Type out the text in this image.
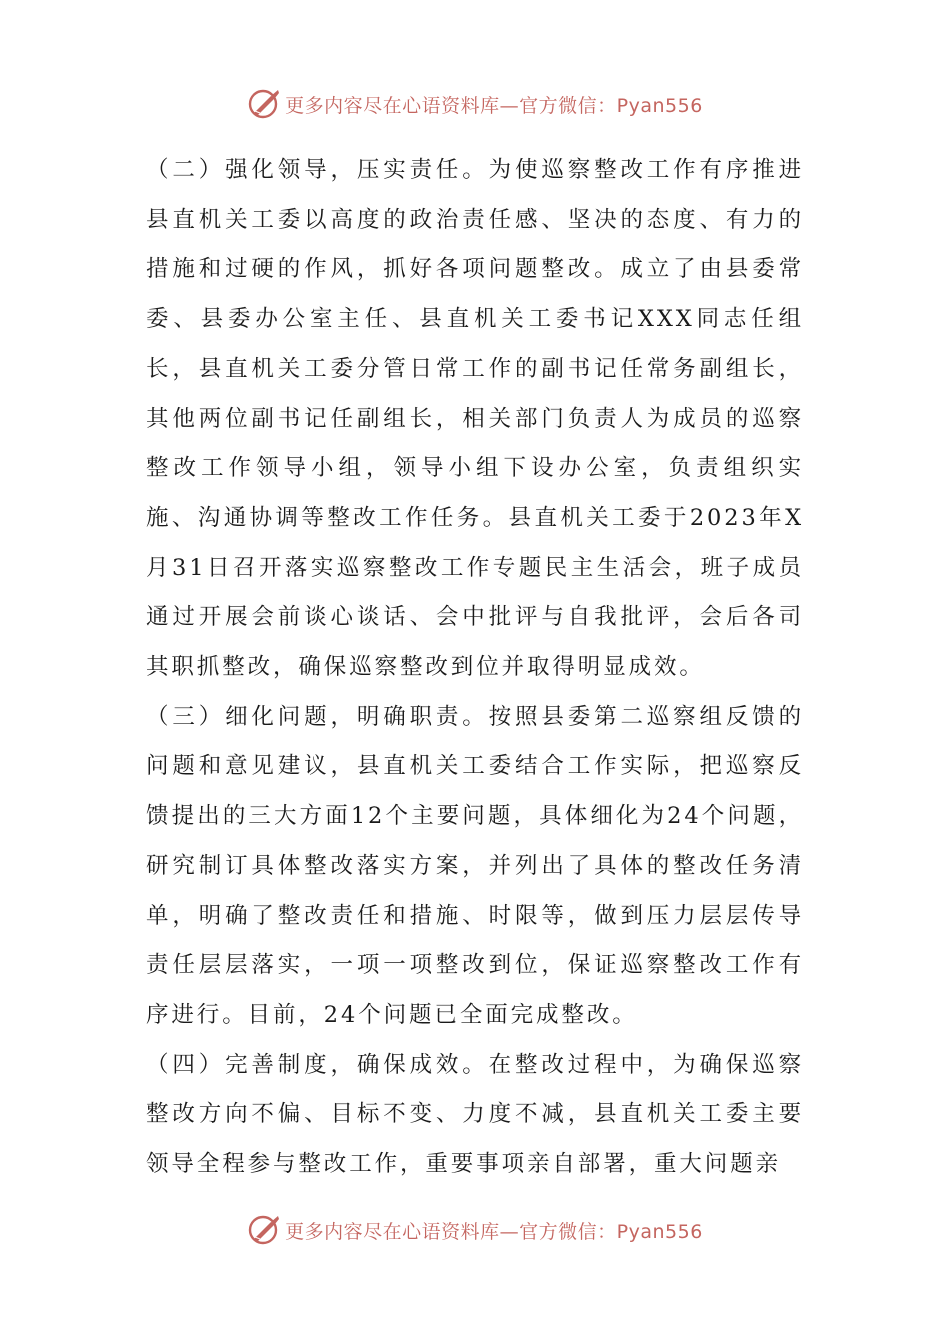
更多内容尽在心语资料库—官方微信：Pyan556

（二）强化领导，压实责任。为使巡察整改工作有序推进县直机关工委以高度的政治责任感、坚决的态度、有力的措施和过硬的作风，抓好各项问题整改。成立了由县委常委、县委办公室主任、县直机关工委书记XXX同志任组长，县直机关工委分管日常工作的副书记任常务副组长，其他两位副书记任副组长，相关部门负责人为成员的巡察整改工作领导小组，领导小组下设办公室，负责组织实施、沟通协调等整改工作任务。县直机关工委于2023年X月31日召开落实巡察整改工作专题民主生活会，班子成员通过开展会前谈心谈话、会中批评与自我批评，会后各司其职抓整改，确保巡察整改到位并取得明显成效。

（三）细化问题，明确职责。按照县委第二巡察组反馈的问题和意见建议，县直机关工委结合工作实际，把巡察反馈提出的三大方面12个主要问题，具体细化为24个问题，研究制订具体整改落实方案，并列出了具体的整改任务清单，明确了整改责任和措施、时限等，做到压力层层传导责任层层落实，一项一项整改到位，保证巡察整改工作有序进行。目前，24个问题已全面完成整改。

（四）完善制度，确保成效。在整改过程中，为确保巡察整改方向不偏、目标不变、力度不减，县直机关工委主要领导全程参与整改工作，重要事项亲自部署，重大问题亲

更多内容尽在心语资料库—官方微信：Pyan556
